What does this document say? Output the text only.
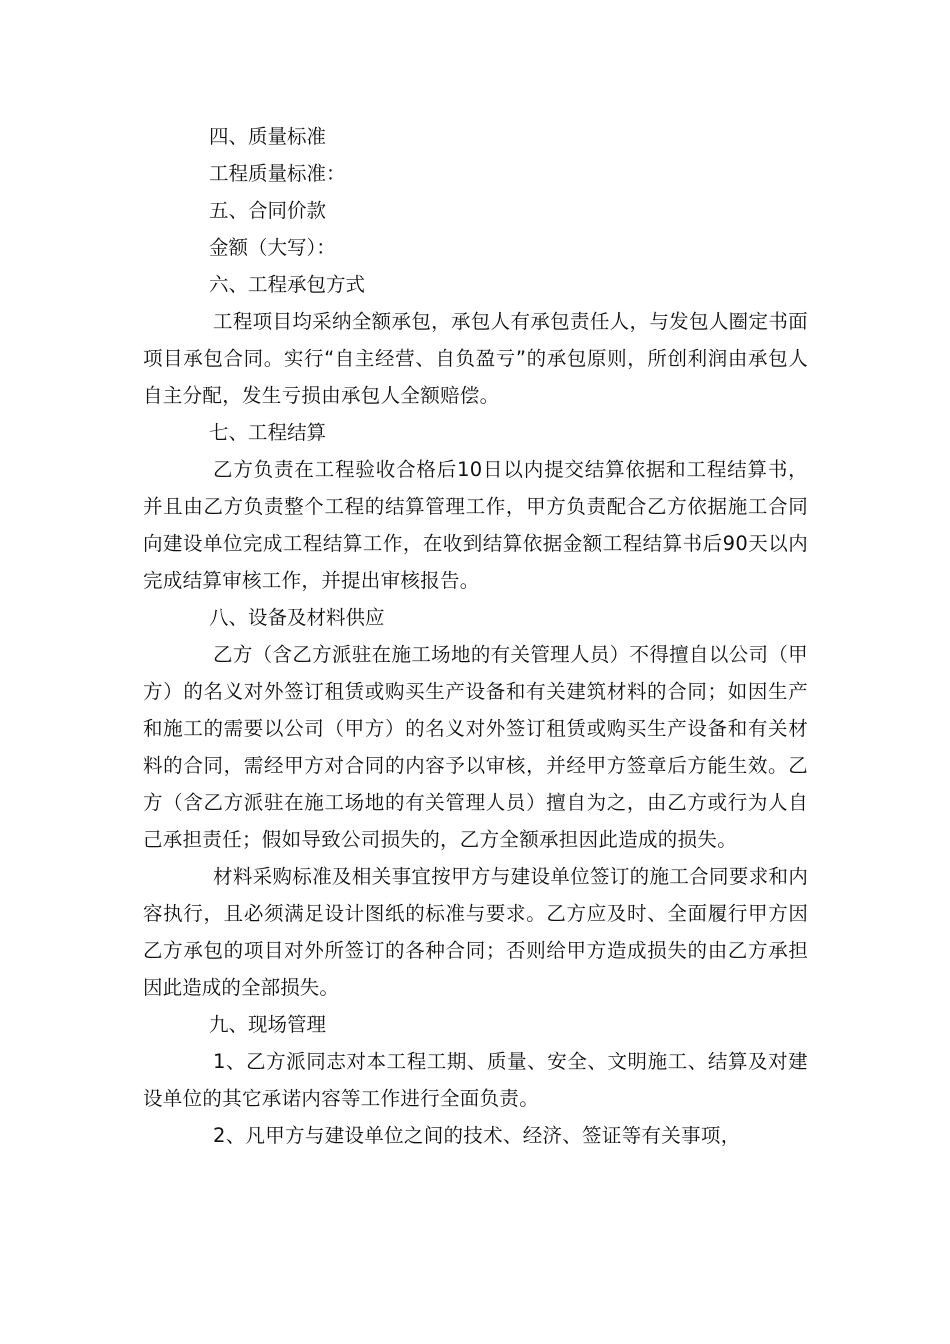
四、质量标准

工程质量标准：

五、合同价款

金额（大写）：

六、工程承包方式

工程项目均采纳全额承包，承包人有承包责任人，与发包人圈定书面项目承包合同。实行“自主经营、自负盈亏”的承包原则，所创利润由承包人自主分配，发生亏损由承包人全额赔偿。

七、工程结算

乙方负责在工程验收合格后10日以内提交结算依据和工程结算书，并且由乙方负责整个工程的结算管理工作，甲方负责配合乙方依据施工合同向建设单位完成工程结算工作，在收到结算依据金额工程结算书后90天以内完成结算审核工作，并提出审核报告。

八、设备及材料供应

乙方（含乙方派驻在施工场地的有关管理人员）不得擅自以公司（甲方）的名义对外签订租赁或购买生产设备和有关建筑材料的合同；如因生产和施工的需要以公司（甲方）的名义对外签订租赁或购买生产设备和有关材料的合同，需经甲方对合同的内容予以审核，并经甲方签章后方能生效。乙方（含乙方派驻在施工场地的有关管理人员）擅自为之，由乙方或行为人自己承担责任；假如导致公司损失的，乙方全额承担因此造成的损失。

材料采购标准及相关事宜按甲方与建设单位签订的施工合同要求和内容执行，且必须满足设计图纸的标准与要求。乙方应及时、全面履行甲方因乙方承包的项目对外所签订的各种合同；否则给甲方造成损失的由乙方承担因此造成的全部损失。

九、现场管理

1、乙方派同志对本工程工期、质量、安全、文明施工、结算及对建设单位的其它承诺内容等工作进行全面负责。

2、凡甲方与建设单位之间的技术、经济、签证等有关事项，
